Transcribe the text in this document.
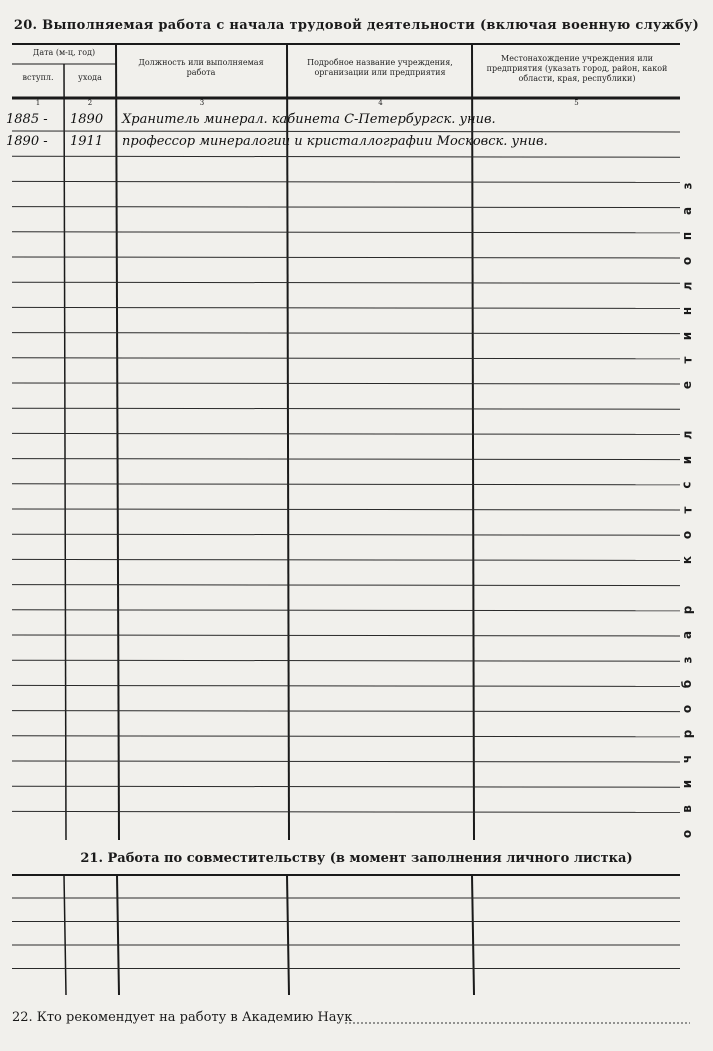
20. Выполняемая работа с начала трудовой деятельности (включая военную службу)
Дата (м-ц, год)
вступл.	ухода
Должность или выполняемая работа
Подробное название учреждения, организации или предприятия
Местонахождение учреждения или предприятия (указать город, район, какой области, края, республики)
1	2	3	4	5
1885 - 1890 Хранитель минерал. кабинета С-Петербургск. унив.
1890 - 1911 профессор минералогии и кристаллографии Московск. унив.
21. Работа по совместительству (в момент заполнения личного листка)
22. Кто рекомендует на работу в Академию Наук
з
а
п
о
л
н
и
т
е

л
и
с
т
о
к

р
а
з
б
о
р
ч
и
в
о
